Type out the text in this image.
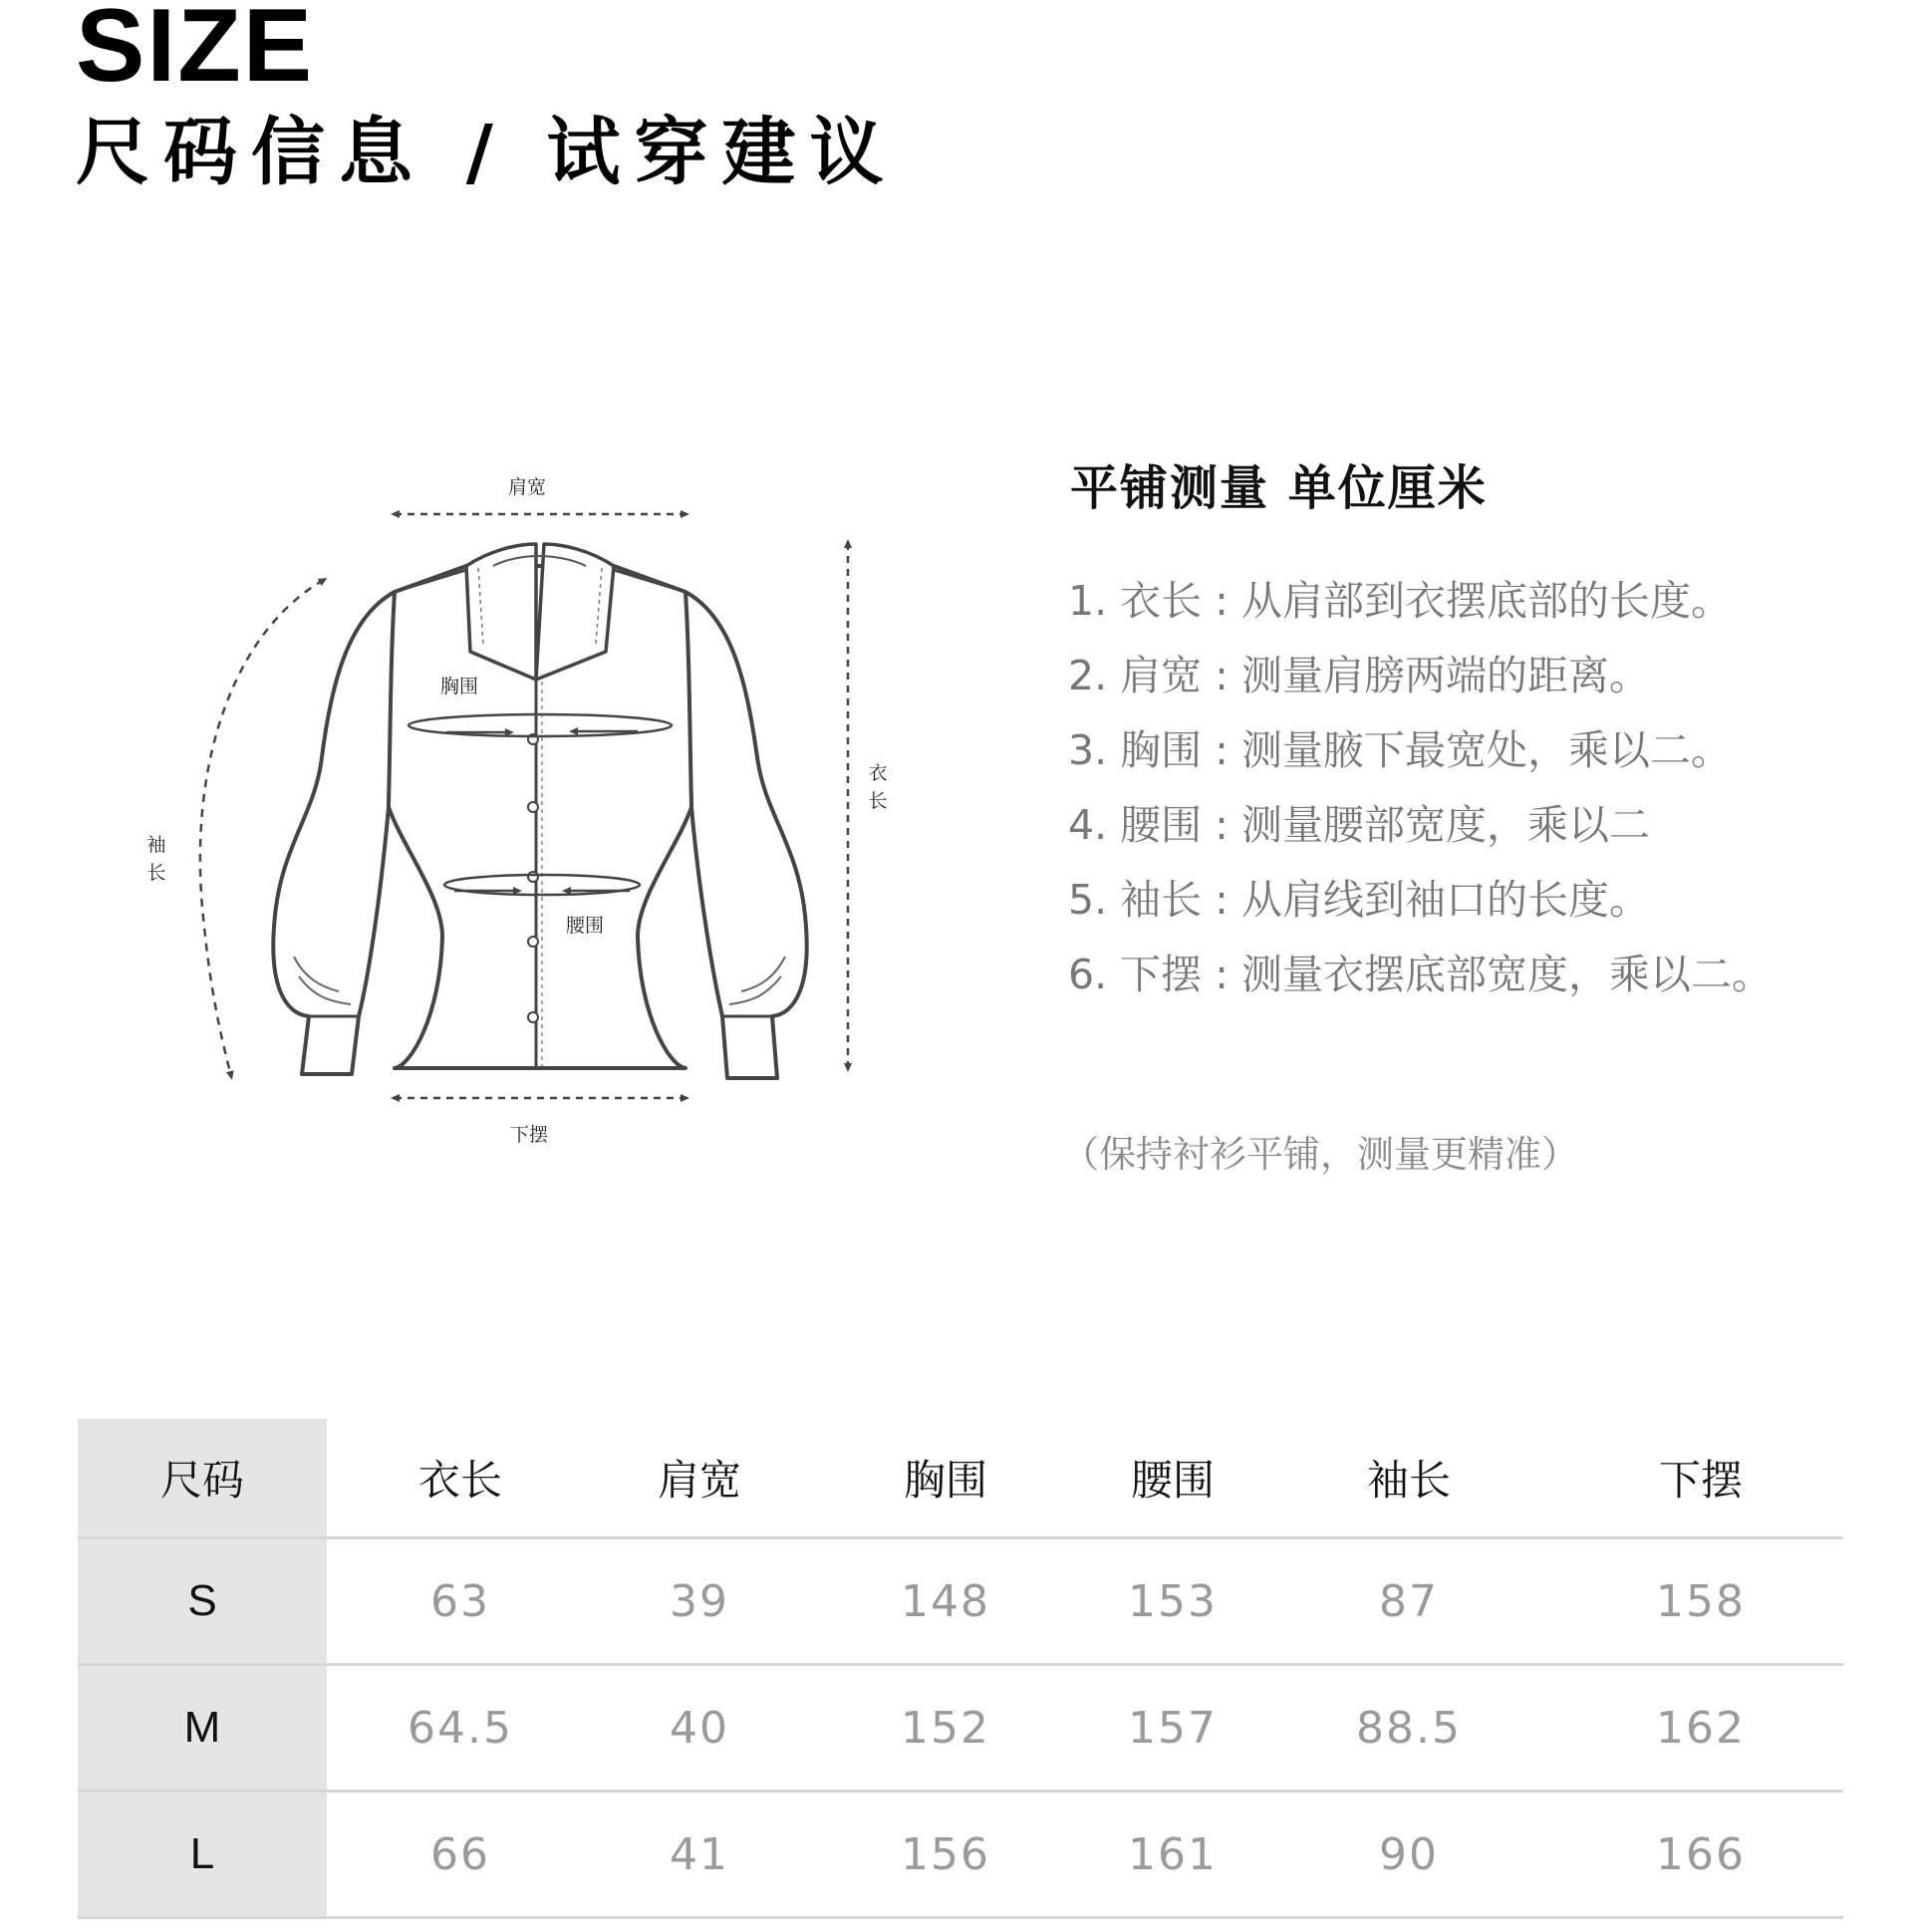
SIZE
尺码信息 / 试穿建议
肩宽
胸围
腰围
下摆
衣长
袖长
平铺测量 单位厘米
1. 衣长 : 从肩部到衣摆底部的长度。
2. 肩宽 : 测量肩膀两端的距离。
3. 胸围 : 测量腋下最宽处，乘以二。
4. 腰围 : 测量腰部宽度，乘以二
5. 袖长 : 从肩线到袖口的长度。
6. 下摆 : 测量衣摆底部宽度，乘以二。
（保持衬衫平铺，测量更精准）
尺码	衣长	肩宽	胸围	腰围	袖长	下摆
S	63	39	148	153	87	158
M	64.5	40	152	157	88.5	162
L	66	41	156	161	90	166
